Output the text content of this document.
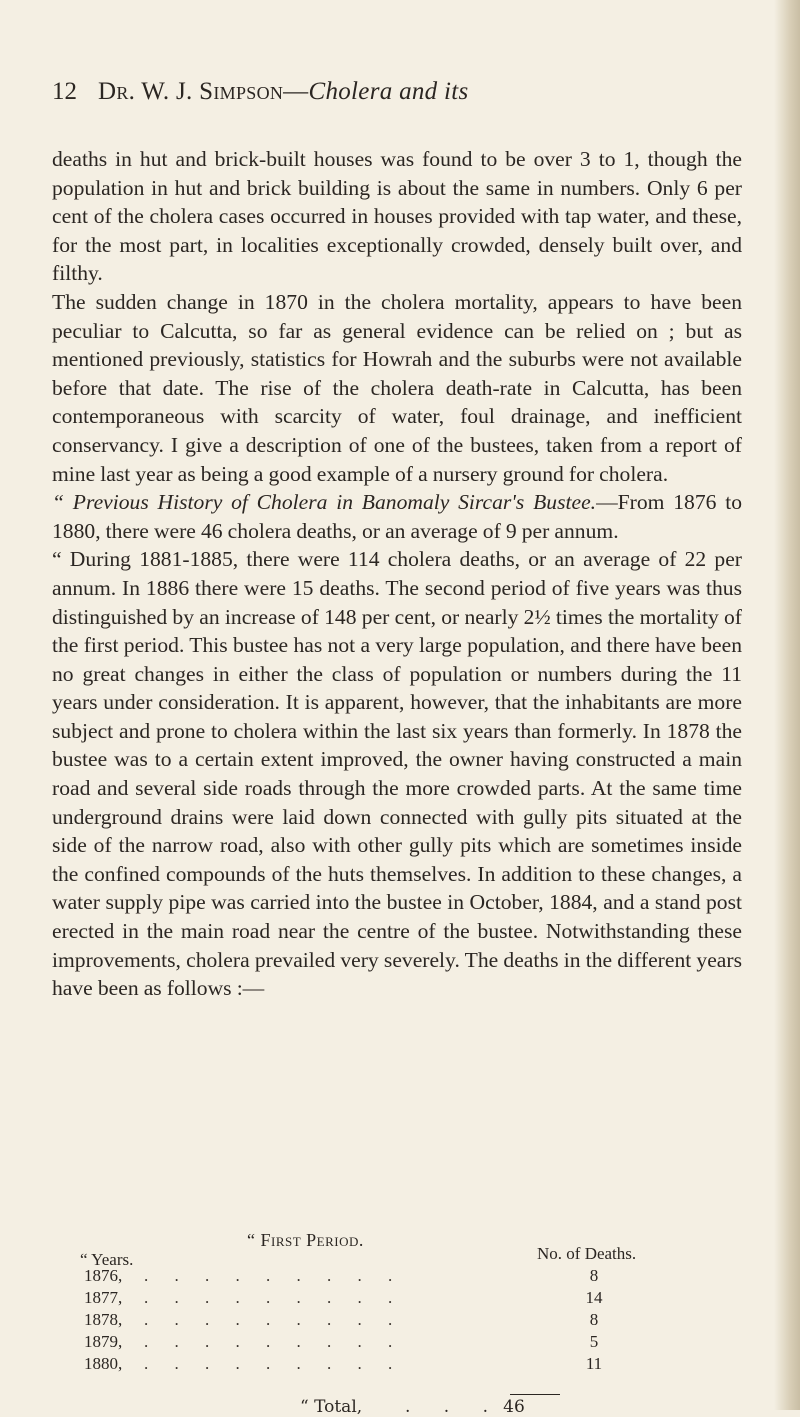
12 Dr. W. J. Simpson—Cholera and its

deaths in hut and brick-built houses was found to be over 3 to 1, though the population in hut and brick building is about the same in numbers. Only 6 per cent of the cholera cases occurred in houses provided with tap water, and these, for the most part, in localities exceptionally crowded, densely built over, and filthy.

The sudden change in 1870 in the cholera mortality, appears to have been peculiar to Calcutta, so far as general evidence can be relied on ; but as mentioned previously, statistics for Howrah and the suburbs were not available before that date. The rise of the cholera death-rate in Calcutta, has been contemporaneous with scarcity of water, foul drainage, and inefficient conservancy. I give a description of one of the bustees, taken from a report of mine last year as being a good example of a nursery ground for cholera.

“ Previous History of Cholera in Banomaly Sircar's Bustee.—From 1876 to 1880, there were 46 cholera deaths, or an average of 9 per annum.

“ During 1881-1885, there were 114 cholera deaths, or an average of 22 per annum. In 1886 there were 15 deaths. The second period of five years was thus distinguished by an increase of 148 per cent, or nearly 2½ times the mortality of the first period. This bustee has not a very large population, and there have been no great changes in either the class of population or numbers during the 11 years under consideration. It is apparent, however, that the inhabitants are more subject and prone to cholera within the last six years than formerly. In 1878 the bustee was to a certain extent improved, the owner having constructed a main road and several side roads through the more crowded parts. At the same time underground drains were laid down connected with gully pits situated at the side of the narrow road, also with other gully pits which are sometimes inside the confined compounds of the huts themselves. In addition to these changes, a water supply pipe was carried into the bustee in October, 1884, and a stand post erected in the main road near the centre of the bustee. Notwithstanding these improvements, cholera prevailed very severely. The deaths in the different years have been as follows :—

“ First Period.
“ Years.	No. of Deaths.
1876, . . . . . . . . .	8
1877, . . . . . . . . .	14
1878, . . . . . . . . .	8
1879, . . . . . . . . .	5
1880, . . . . . . . . .	11
“ Total,	. . . 46
